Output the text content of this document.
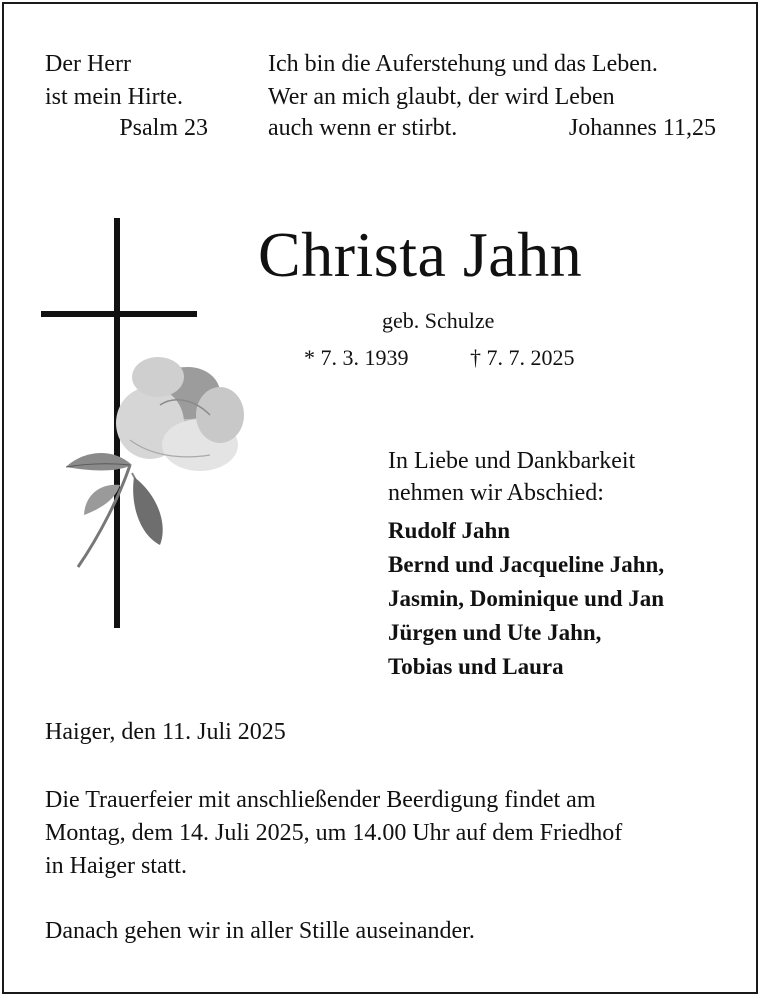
Der Herr
ist mein Hirte.
Psalm 23
Ich bin die Auferstehung und das Leben.
Wer an mich glaubt, der wird Leben
auch wenn er stirbt.	Johannes 11,25
Christa Jahn
geb. Schulze
* 7. 3. 1939	† 7. 7. 2025
In Liebe und Dankbarkeit
nehmen wir Abschied:
Rudolf Jahn
Bernd und Jacqueline Jahn,
Jasmin, Dominique und Jan
Jürgen und Ute Jahn,
Tobias und Laura
Haiger, den 11. Juli 2025
Die Trauerfeier mit anschließender Beerdigung findet am
Montag, dem 14. Juli 2025, um 14.00 Uhr auf dem Friedhof
in Haiger statt.
Danach gehen wir in aller Stille auseinander.
